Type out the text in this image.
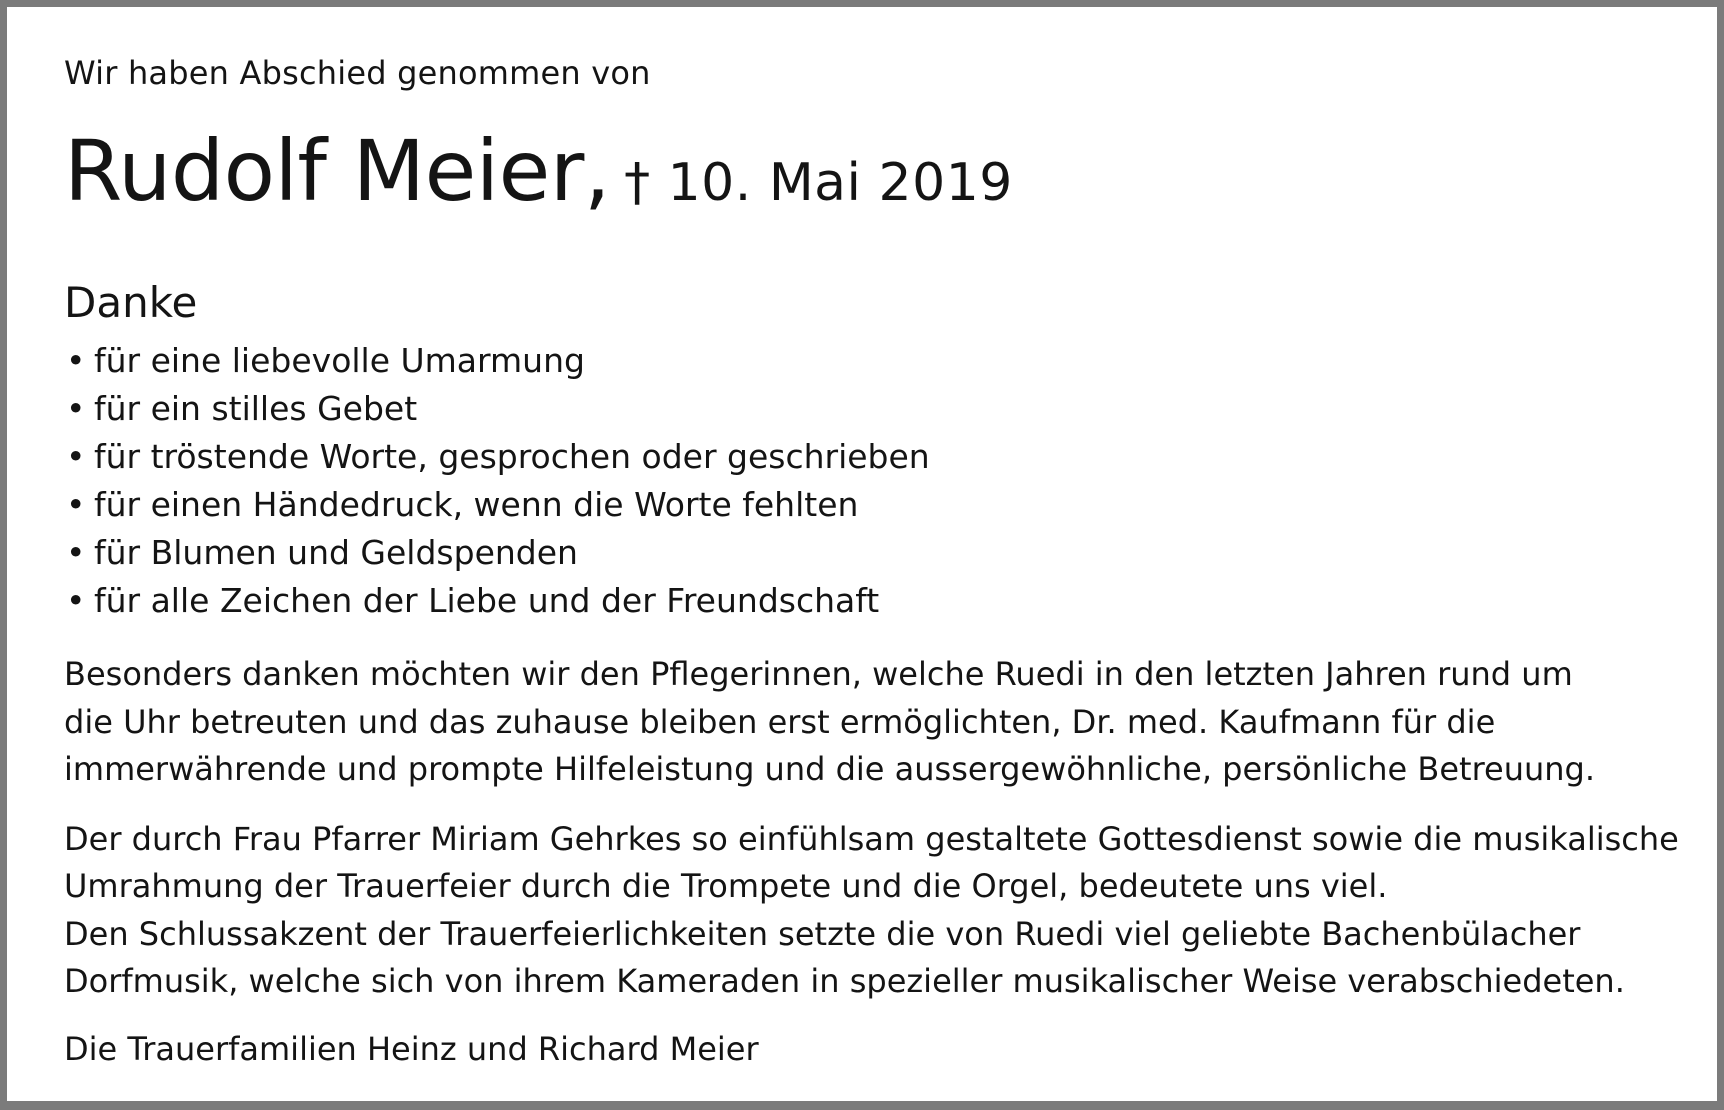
Wir haben Abschied genommen von

Rudolf Meier, † 10. Mai 2019
Danke
• für eine liebevolle Umarmung
• für ein stilles Gebet
• für tröstende Worte, gesprochen oder geschrieben
• für einen Händedruck, wenn die Worte fehlten
• für Blumen und Geldspenden
• für alle Zeichen der Liebe und der Freundschaft
Besonders danken möchten wir den Pflegerinnen, welche Ruedi in den letzten Jahren rund um
die Uhr betreuten und das zuhause bleiben erst ermöglichten, Dr. med. Kaufmann für die
immerwährende und prompte Hilfeleistung und die aussergewöhnliche, persönliche Betreuung.
Der durch Frau Pfarrer Miriam Gehrkes so einfühlsam gestaltete Gottesdienst sowie die musikalische
Umrahmung der Trauerfeier durch die Trompete und die Orgel, bedeutete uns viel.
Den Schlussakzent der Trauerfeierlichkeiten setzte die von Ruedi viel geliebte Bachenbülacher
Dorfmusik, welche sich von ihrem Kameraden in spezieller musikalischer Weise verabschiedeten.
Die Trauerfamilien Heinz und Richard Meier
